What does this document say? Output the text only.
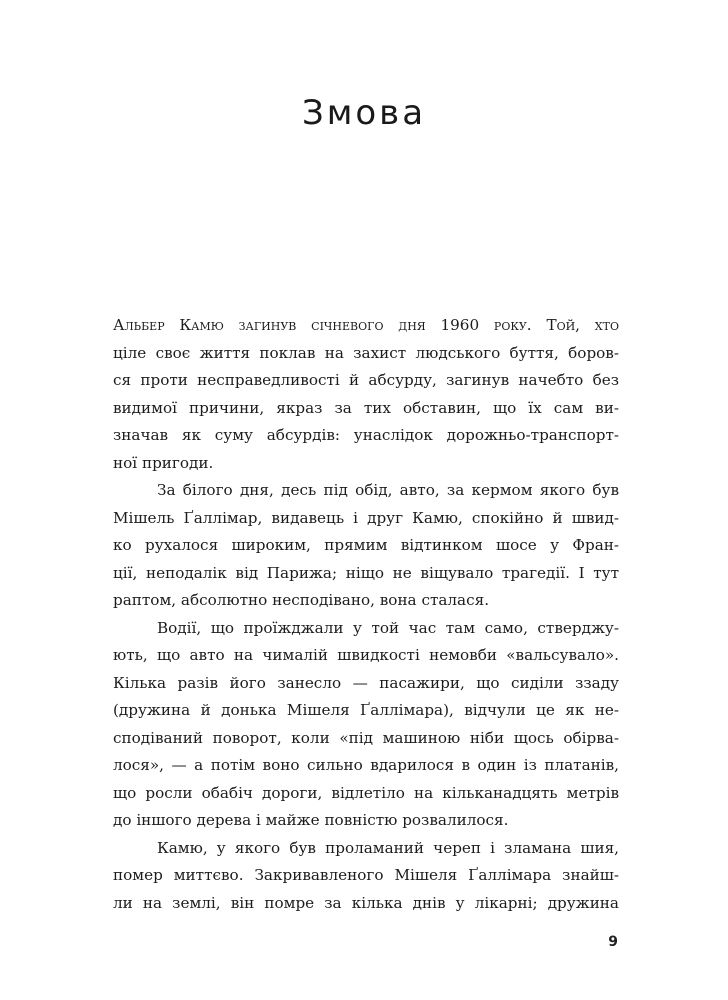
Змова
Альбер Камю загинув січневого дня 1960 року. Той, хто
ціле своє життя поклав на захист людського буття, боров-
ся проти несправедливості й абсурду, загинув начебто без
видимої причини, якраз за тих обставин, що їх сам ви-
значав як суму абсурдів: унаслідок дорожньо-транспорт-
ної пригоди.
За білого дня, десь під обід, авто, за кермом якого був
Мішель Ґаллімар, видавець і друг Камю, спокійно й швид-
ко рухалося широким, прямим відтинком шосе у Фран-
ції, неподалік від Парижа; ніщо не віщувало трагедії. І тут
раптом, абсолютно несподівано, вона сталася.
Водії, що проїжджали у той час там само, стверджу-
ють, що авто на чималій швидкості немовби «вальсувало».
Кілька разів його занесло — пасажири, що сиділи ззаду
(дружина й донька Мішеля Ґаллімара), відчули це як не-
сподіваний поворот, коли «під машиною ніби щось обірва-
лося», — а потім воно сильно вдарилося в один із платанів,
що росли обабіч дороги, відлетіло на кільканадцять метрів
до іншого дерева і майже повністю розвалилося.
Камю, у якого був проламаний череп і зламана шия,
помер миттєво. Закривавленого Мішеля Ґаллімара знайш-
ли на землі, він помре за кілька днів у лікарні; дружина
9
